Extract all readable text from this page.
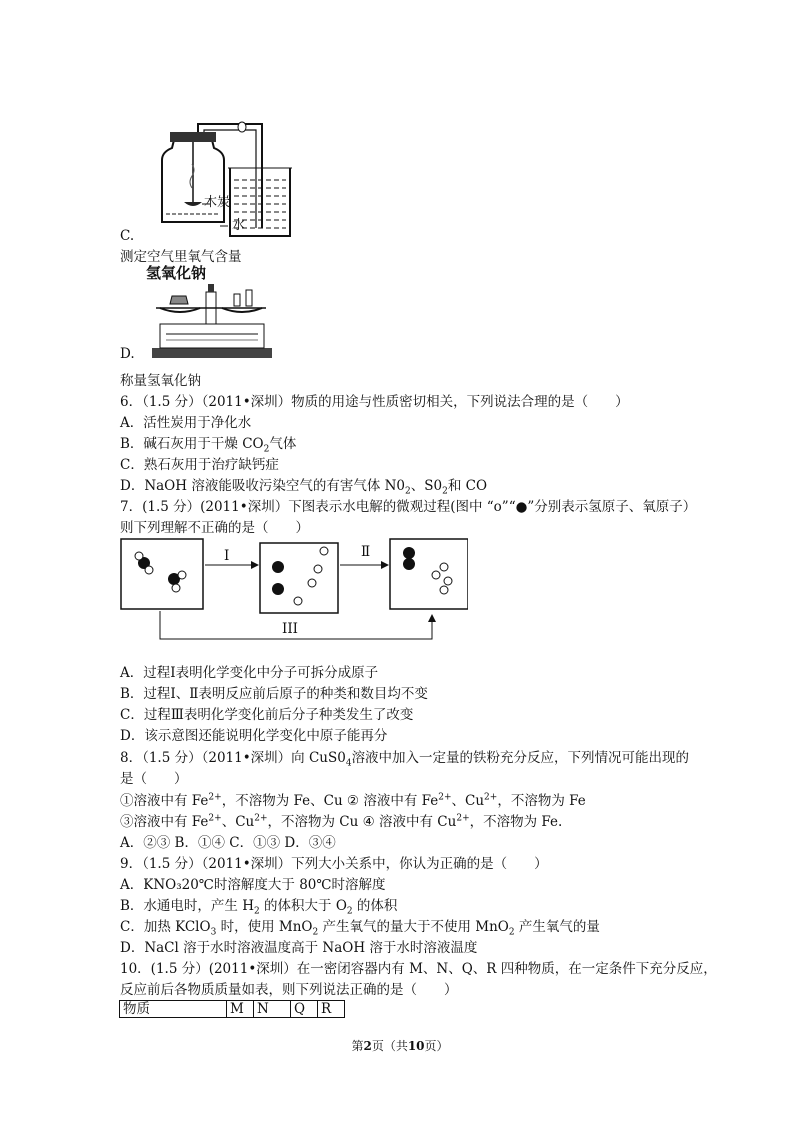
木炭
水
C.
测定空气里氧气含量
氢氧化钠
D.
称量氢氧化钠
6．（1.5 分）（2011•深圳）物质的用途与性质密切相关，下列说法合理的是（　　）
A．活性炭用于净化水
B．碱石灰用于干燥 $CO_2$气体
C．熟石灰用于治疗缺钙症
D．NaOH 溶液能吸收污染空气的有害气体 $N0_2$、$S0_2$和 CO
7．(1.5 分）(2011•深圳）下图表示水电解的微观过程(图中 “o”“●”分别表示氢原子、氧原子）
则下列理解不正确的是（　　）
I	Ⅱ
III
A．过程Ⅰ表明化学变化中分子可拆分成原子
B．过程Ⅰ、Ⅱ表明反应前后原子的种类和数目均不变
C．过程Ⅲ表明化学变化前后分子种类发生了改变
D．该示意图还能说明化学变化中原子能再分
8．（1.5 分）（2011•深圳）向 $CuS0_4$溶液中加入一定量的铁粉充分反应，下列情况可能出现的
是（　　）
①溶液中有 $Fe^{2+}$，不溶物为 Fe、Cu ② 溶液中有 $Fe^{2+}$、$Cu^{2+}$，不溶物为 Fe
③溶液中有 $Fe^{2+}$、$Cu^{2+}$，不溶物为 Cu ④ 溶液中有 $Cu^{2+}$，不溶物为 Fe.
A．②③ B．①④ C．①③ D．③④
9．（1.5 分）（2011•深圳）下列大小关系中，你认为正确的是（　　）
A．KNO₃20℃时溶解度大于 80℃时溶解度
B．水通电时，产生 $H_2$ 的体积大于 $O_2$ 的体积
C．加热 KClO$_3$ 时，使用 MnO$_2$ 产生氧气的量大于不使用 MnO$_2$ 产生氧气的量
D．NaCl 溶于水时溶液温度高于 NaOH 溶于水时溶液温度
10．(1.5 分）(2011•深圳）在一密闭容器内有 M、N、Q、R 四种物质，在一定条件下充分反应，
反应前后各物质质量如表，则下列说法正确的是（　　）
物质	M	N	Q	R
第2页（共10页）
